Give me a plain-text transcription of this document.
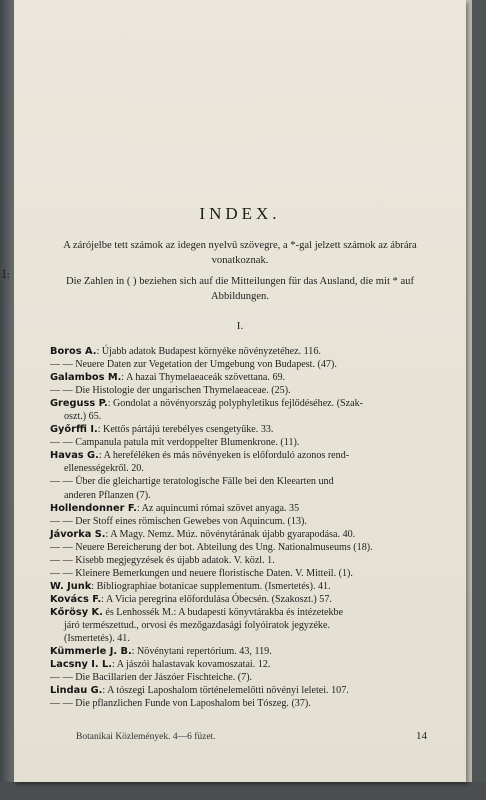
I:
INDEX.
A zárójelbe tett számok az idegen nyelvű szövegre, a *-gal jelzett számok az ábrára vonatkoznak.
Die Zahlen in ( ) beziehen sich auf die Mitteilungen für das Ausland, die mit * auf Abbildungen.
I.
Boros A.: Újabb adatok Budapest környéke növényzetéhez. 116.
— — Neuere Daten zur Vegetation der Umgebung von Budapest. (47).
Galambos M.: A hazai Thymelaeaceák szövettana. 69.
— — Die Histologie der ungarischen Thymelaeaceae. (25).
Greguss P.: Gondolat a növényország polyphyletikus fejlődéséhez. (Szak-
oszt.) 65.
Győrffi I.: Kettős pártájú terebélyes csengetyűke. 33.
— — Campanula patula mit verdoppelter Blumenkrone. (11).
Havas G.: A hereféléken és más növényeken is előforduló azonos rend-
ellenességekről. 20.
— — Über die gleichartige teratologische Fälle bei den Kleearten und
anderen Pflanzen (7).
Hollendonner F.: Az aquincumi római szövet anyaga. 35
— — Der Stoff eines römischen Gewebes von Aquincum. (13).
Jávorka S.: A Magy. Nemz. Múz. növénytárának újabb gyarapodása. 40.
— — Neuere Bereicherung der bot. Abteilung des Ung. Nationalmuseums (18).
— — Kisebb megjegyzések és újabb adatok. V. közl. 1.
— — Kleinere Bemerkungen und neuere floristische Daten. V. Mitteil. (1).
W. Junk: Bibliographiae botanicae supplementum. (Ismertetés). 41.
Kovács F.: A Vicia peregrina előfordulása Óbecsén. (Szakoszt.) 57.
Kőrösy K. és Lenhossék M.: A budapesti könyvtárakba és intézetekbe
járó természettud., orvosi és mezőgazdasági folyóiratok jegyzéke.
(Ismertetés). 41.
Kümmerle J. B.: Növénytani repertórium. 43, 119.
Lacsny I. L.: A jászói halastavak kovamoszatai. 12.
— — Die Bacillarien der Jászóer Fischteiche. (7).
Lindau G.: A tószegi Laposhalom történelemelőtti növényi leletei. 107.
— — Die pflanzlichen Funde von Laposhalom bei Tószeg. (37).
Botanikai Közlemények. 4—6 füzet.	14
